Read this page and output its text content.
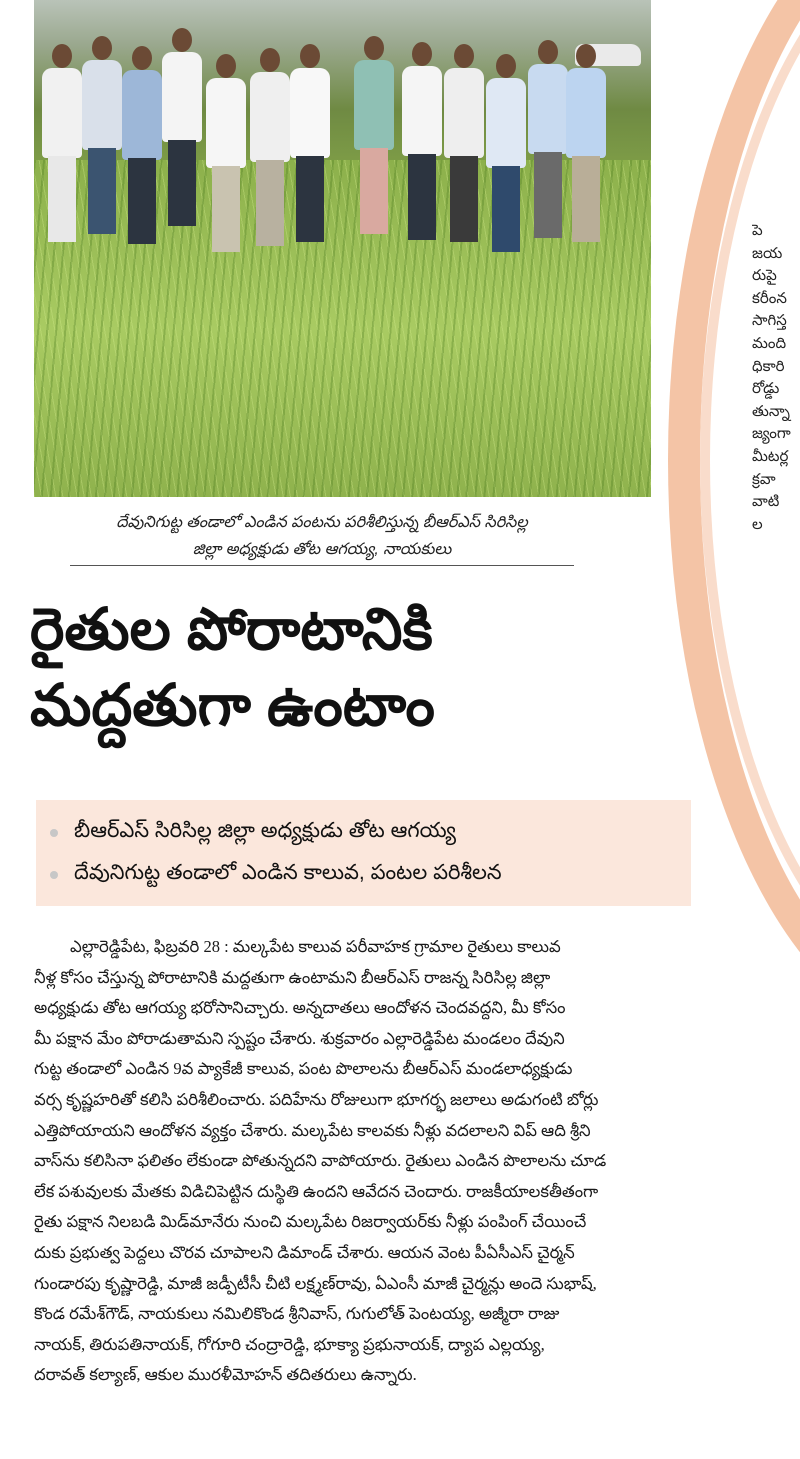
పె
జయ
రుపై
కరీంన
సాగిస్త
మంది
ధికారి
రోడ్డు
తున్నా
జ్యంగా
మీటర్ల
క్రవా
వాటి
ల
దేవునిగుట్ట తండాలో ఎండిన పంటను పరిశీలిస్తున్న బీఆర్ఎస్ సిరిసిల్ల
జిల్లా అధ్యక్షుడు తోట ఆగయ్య, నాయకులు
రైతుల పోరాటానికి
మద్దతుగా ఉంటాం
బీఆర్ఎస్ సిరిసిల్ల జిల్లా అధ్యక్షుడు తోట ఆగయ్య
దేవునిగుట్ట తండాలో ఎండిన కాలువ, పంటల పరిశీలన
ఎల్లారెడ్డిపేట, ఫిబ్రవరి 28 : మల్కపేట కాలువ పరీవాహక గ్రామాల రైతులు కాలువ
నీళ్ల కోసం చేస్తున్న పోరాటానికి మద్దతుగా ఉంటామని బీఆర్ఎస్ రాజన్న సిరిసిల్ల జిల్లా
అధ్యక్షుడు తోట ఆగయ్య భరోసానిచ్చారు. అన్నదాతలు ఆందోళన చెందవద్దని, మీ కోసం
మీ పక్షాన మేం పోరాడుతామని స్పష్టం చేశారు. శుక్రవారం ఎల్లారెడ్డిపేట మండలం దేవుని
గుట్ట తండాలో ఎండిన 9వ ప్యాకేజీ కాలువ, పంట పొలాలను బీఆర్ఎస్ మండలాధ్యక్షుడు
వర్స కృష్ణహరితో కలిసి పరిశీలించారు. పదిహేను రోజులుగా భూగర్భ జలాలు అడుగంటి బోర్లు
ఎత్తిపోయాయని ఆందోళన వ్యక్తం చేశారు. మల్కపేట కాలవకు నీళ్లు వదలాలని విప్ ఆది శ్రీని
వాస్‌ను కలిసినా ఫలితం లేకుండా పోతున్నదని వాపోయారు. రైతులు ఎండిన పొలాలను చూడ
లేక పశువులకు మేతకు విడిచిపెట్టిన దుస్థితి ఉందని ఆవేదన చెందారు. రాజకీయాలకతీతంగా
రైతు పక్షాన నిలబడి మిడ్‌మానేరు నుంచి మల్కపేట రిజర్వాయర్‌కు నీళ్లు పంపింగ్ చేయించే
దుకు ప్రభుత్వ పెద్దలు చొరవ చూపాలని డిమాండ్ చేశారు. ఆయన వెంట పీఏసీఎస్ చైర్మన్
గుండారపు కృష్ణారెడ్డి, మాజీ జడ్పీటీసీ చీటి లక్ష్మణ్‌రావు, ఏఎంసీ మాజీ చైర్మన్లు అందె సుభాష్,
కొండ రమేశ్‌గౌడ్, నాయకులు నమిలికొండ శ్రీనివాస్, గుగులోత్ పెంటయ్య, అజ్మీరా రాజు
నాయక్, తిరుపతినాయక్, గోగూరి చంద్రారెడ్డి, భూక్యా ప్రభునాయక్, ద్యాప ఎల్లయ్య,
దరావత్ కల్యాణ్, ఆకుల మురళీమోహన్ తదితరులు ఉన్నారు.
